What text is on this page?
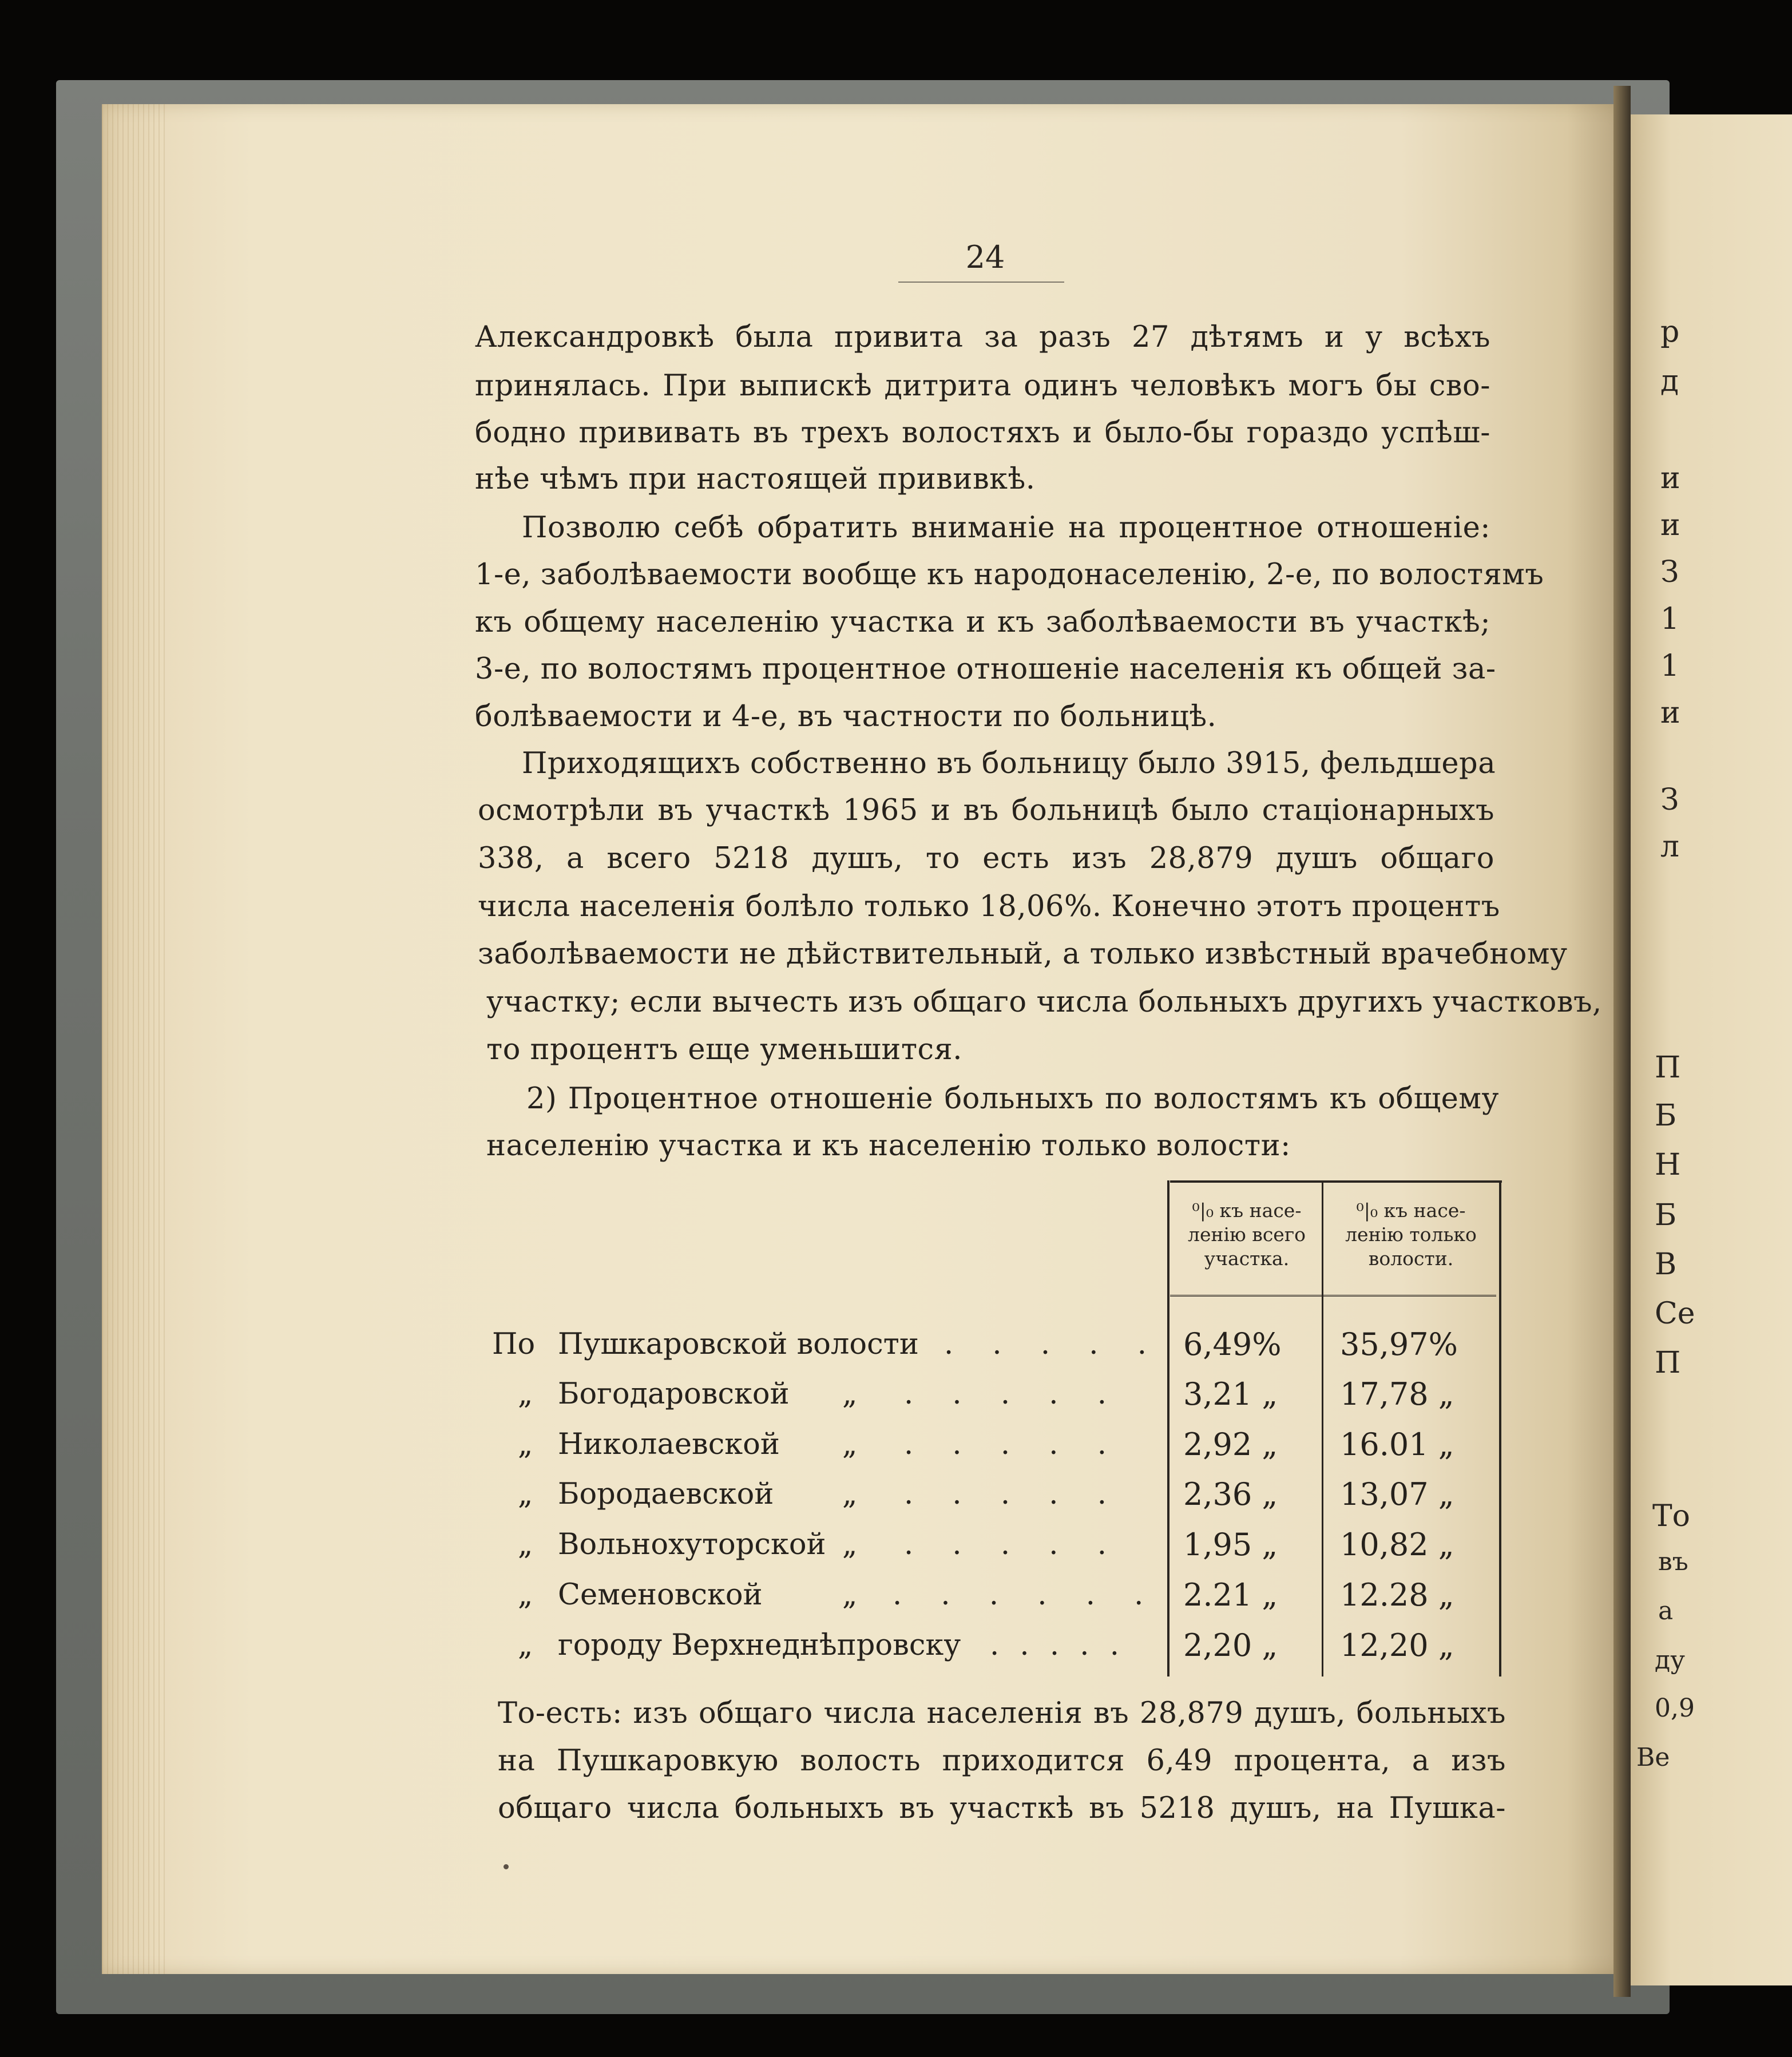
р
д
и
и
З
1
1
и
З
л
П
Б
Н
Б
В
Се
П
То
въ
а
ду
0,9
Ве
24
Александровкѣ была привита за разъ 27 дѣтямъ и у всѣхъ
принялась. При выпискѣ дитрита одинъ человѣкъ могъ бы сво-
бодно прививать въ трехъ волостяхъ и было-бы гораздо успѣш-
нѣе чѣмъ при настоящей прививкѣ.
Позволю себѣ обратить вниманіе на процентное отношеніе:
1-е, заболѣваемости вообще къ народонаселенію, 2-е, по волостямъ
къ общему населенію участка и къ заболѣваемости въ участкѣ;
3-е, по волостямъ процентное отношеніе населенія къ общей за-
болѣваемости и 4-е, въ частности по больницѣ.
Приходящихъ собственно въ больницу было 3915, фельдшера
осмотрѣли въ участкѣ 1965 и въ больницѣ было стаціонарныхъ
338, а всего 5218 душъ, то есть изъ 28,879 душъ общаго
числа населенія болѣло только 18,06%. Конечно этотъ процентъ
заболѣваемости не дѣйствительный, а только извѣстный врачебному
участку; если вычесть изъ общаго числа больныхъ другихъ участковъ,
то процентъ еще уменьшится.
2) Процентное отношеніе больныхъ по волостямъ къ общему
населенію участка и къ населенію только волости:
⁰|₀ къ насе-
ленію всего
участка.
⁰|₀ къ насе-
ленію только
волости.
По Пушкаровской волости . . . . . 6,49% 35,97%
„ Богодаровской „ . . . . . 3,21 „ 17,78 „
„ Николаевской „ . . . . . 2,92 „ 16.01 „
„ Бородаевской „ . . . . . 2,36 „ 13,07 „
„ Вольнохуторской „ . . . . . 1,95 „ 10,82 „
„ Семеновской	„ . . . . . . 2.21 „ 12.28 „
„ городу Верхнеднѣпровску . . . . . 2,20 „ 12,20 „
То-есть: изъ общаго числа населенія въ 28,879 душъ, больныхъ
на Пушкаровкую волость приходится 6,49 процента, а изъ
общаго числа больныхъ въ участкѣ въ 5218 душъ, на Пушка-
